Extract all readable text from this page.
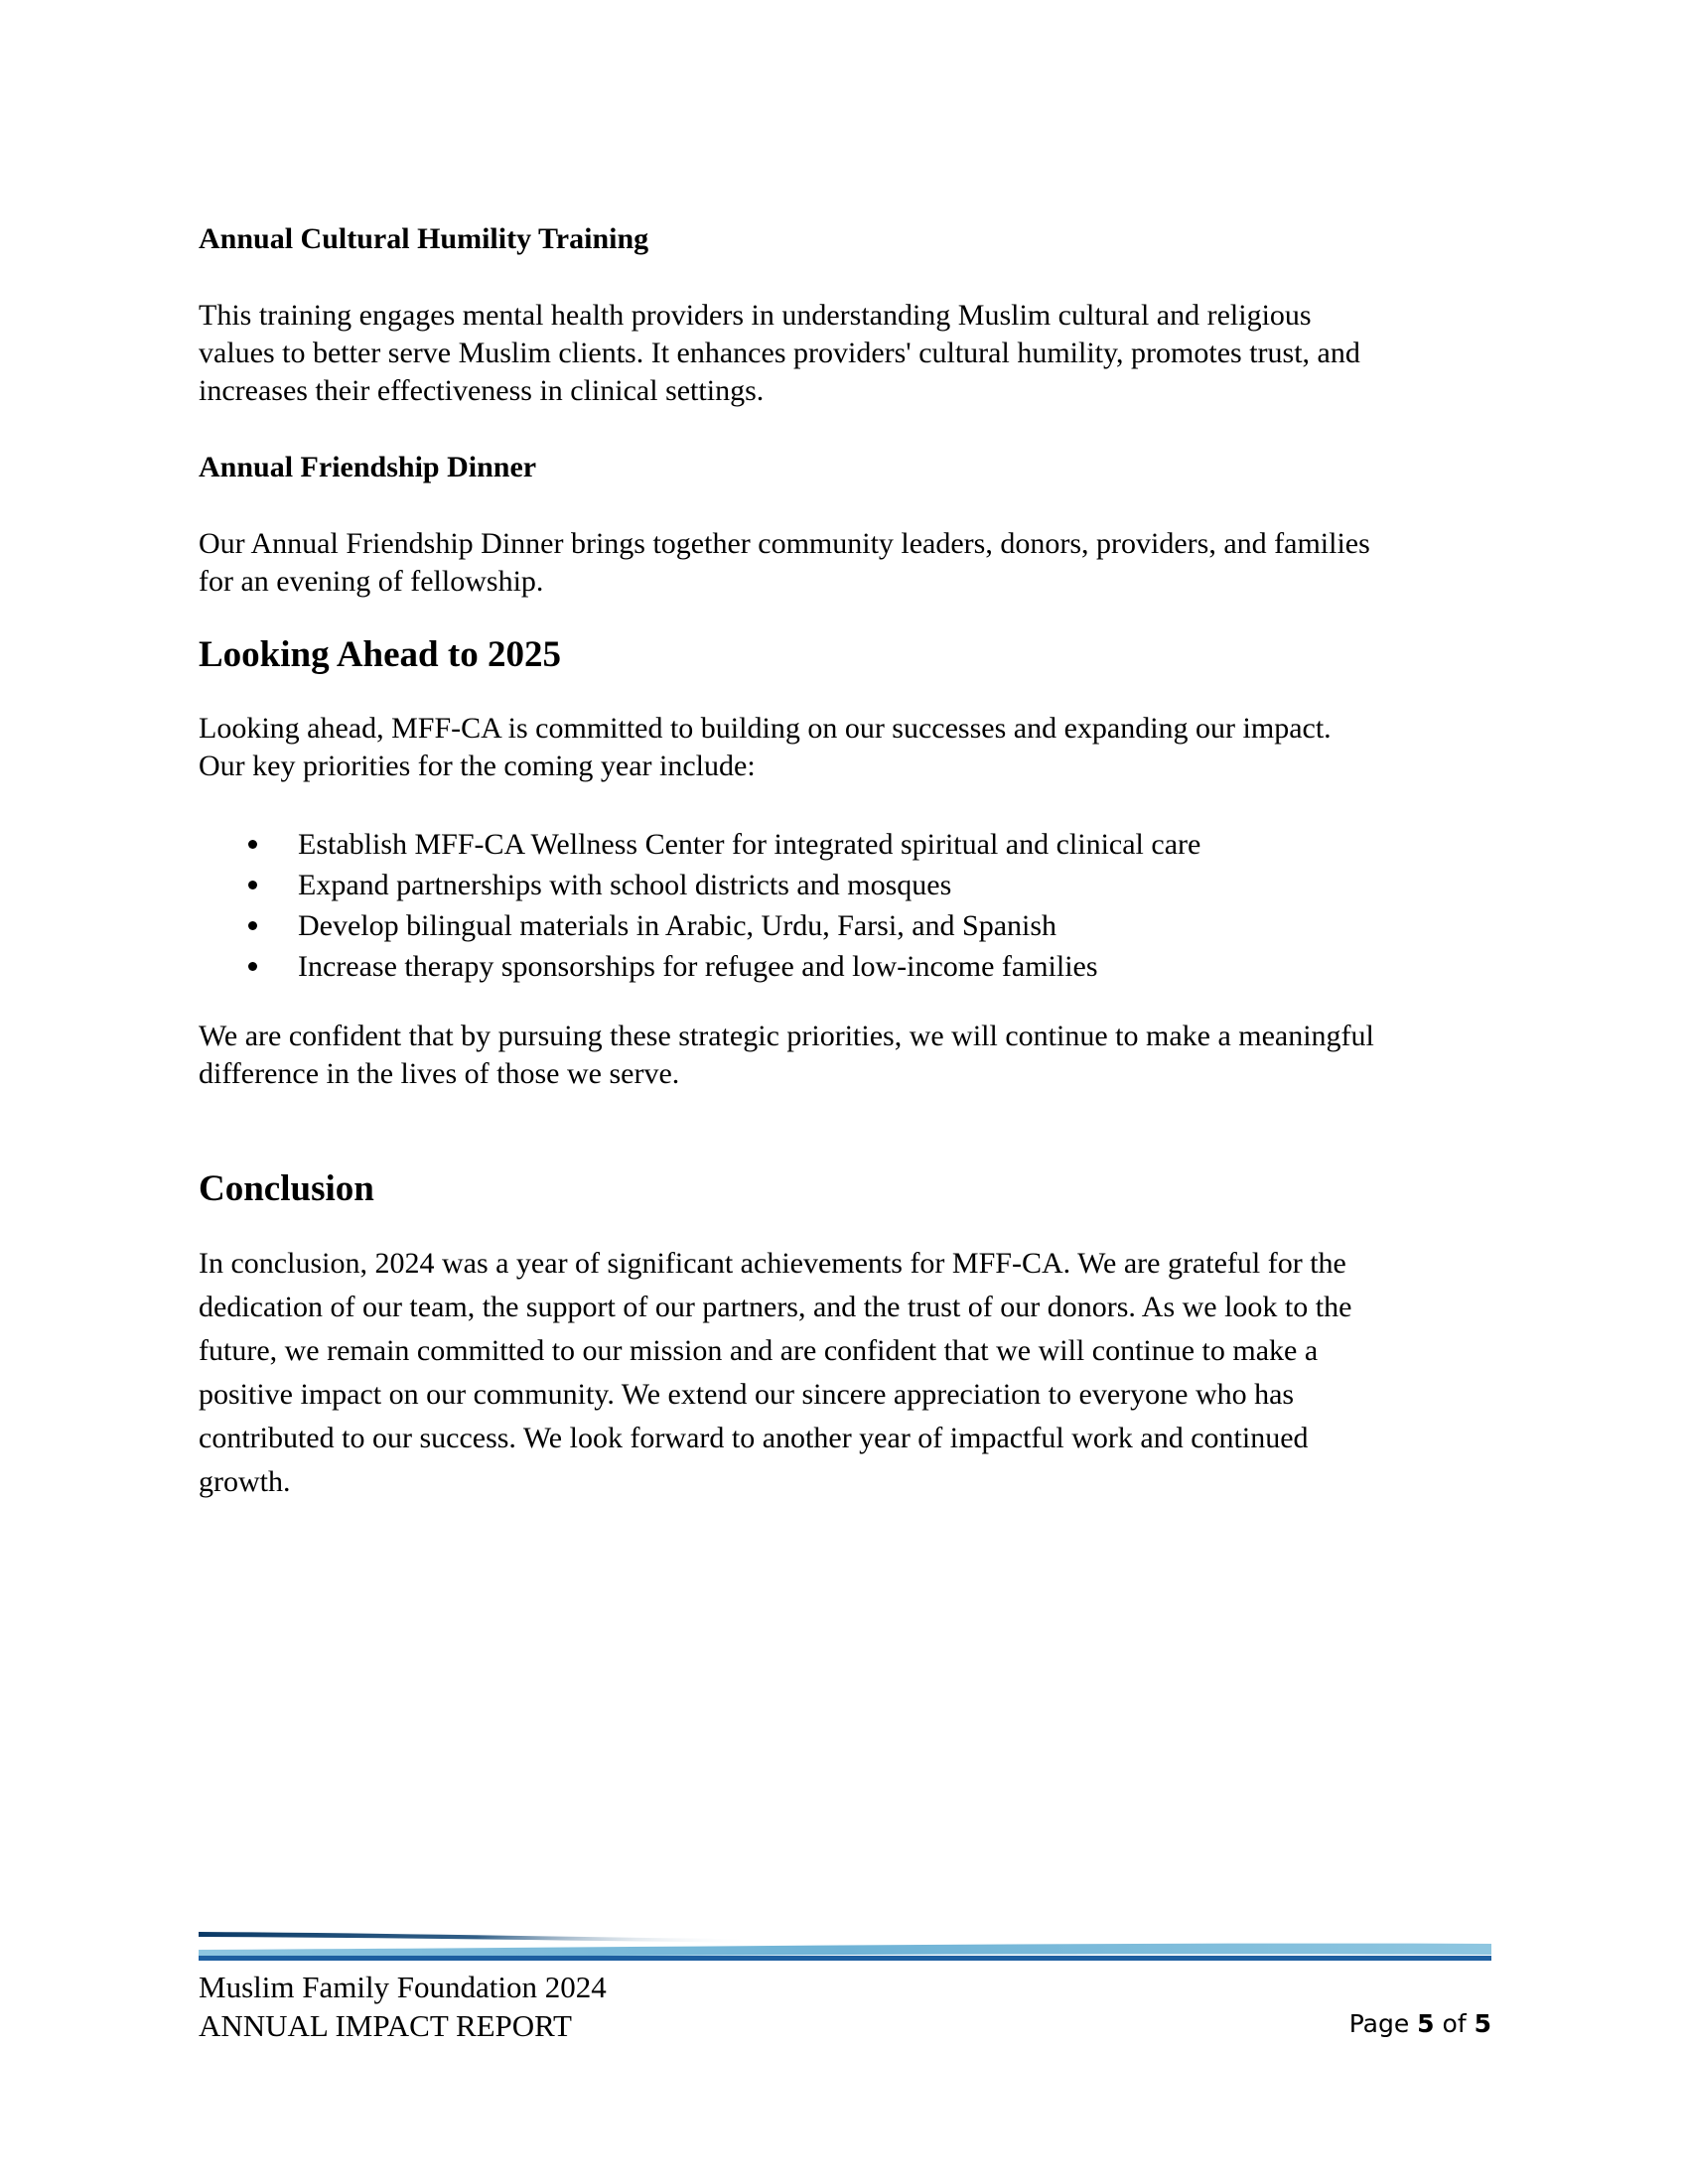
Annual Cultural Humility Training
This training engages mental health providers in understanding Muslim cultural and religious
values to better serve Muslim clients. It enhances providers' cultural humility, promotes trust, and
increases their effectiveness in clinical settings.
Annual Friendship Dinner
Our Annual Friendship Dinner brings together community leaders, donors, providers, and families
for an evening of fellowship.
Looking Ahead to 2025
Looking ahead, MFF-CA is committed to building on our successes and expanding our impact.
Our key priorities for the coming year include:
Establish MFF-CA Wellness Center for integrated spiritual and clinical care
Expand partnerships with school districts and mosques
Develop bilingual materials in Arabic, Urdu, Farsi, and Spanish
Increase therapy sponsorships for refugee and low-income families
We are confident that by pursuing these strategic priorities, we will continue to make a meaningful
difference in the lives of those we serve.
Conclusion
In conclusion, 2024 was a year of significant achievements for MFF-CA. We are grateful for the
dedication of our team, the support of our partners, and the trust of our donors. As we look to the
future, we remain committed to our mission and are confident that we will continue to make a
positive impact on our community. We extend our sincere appreciation to everyone who has
contributed to our success. We look forward to another year of impactful work and continued
growth.
Muslim Family Foundation 2024
ANNUAL IMPACT REPORT	Page 5 of 5
